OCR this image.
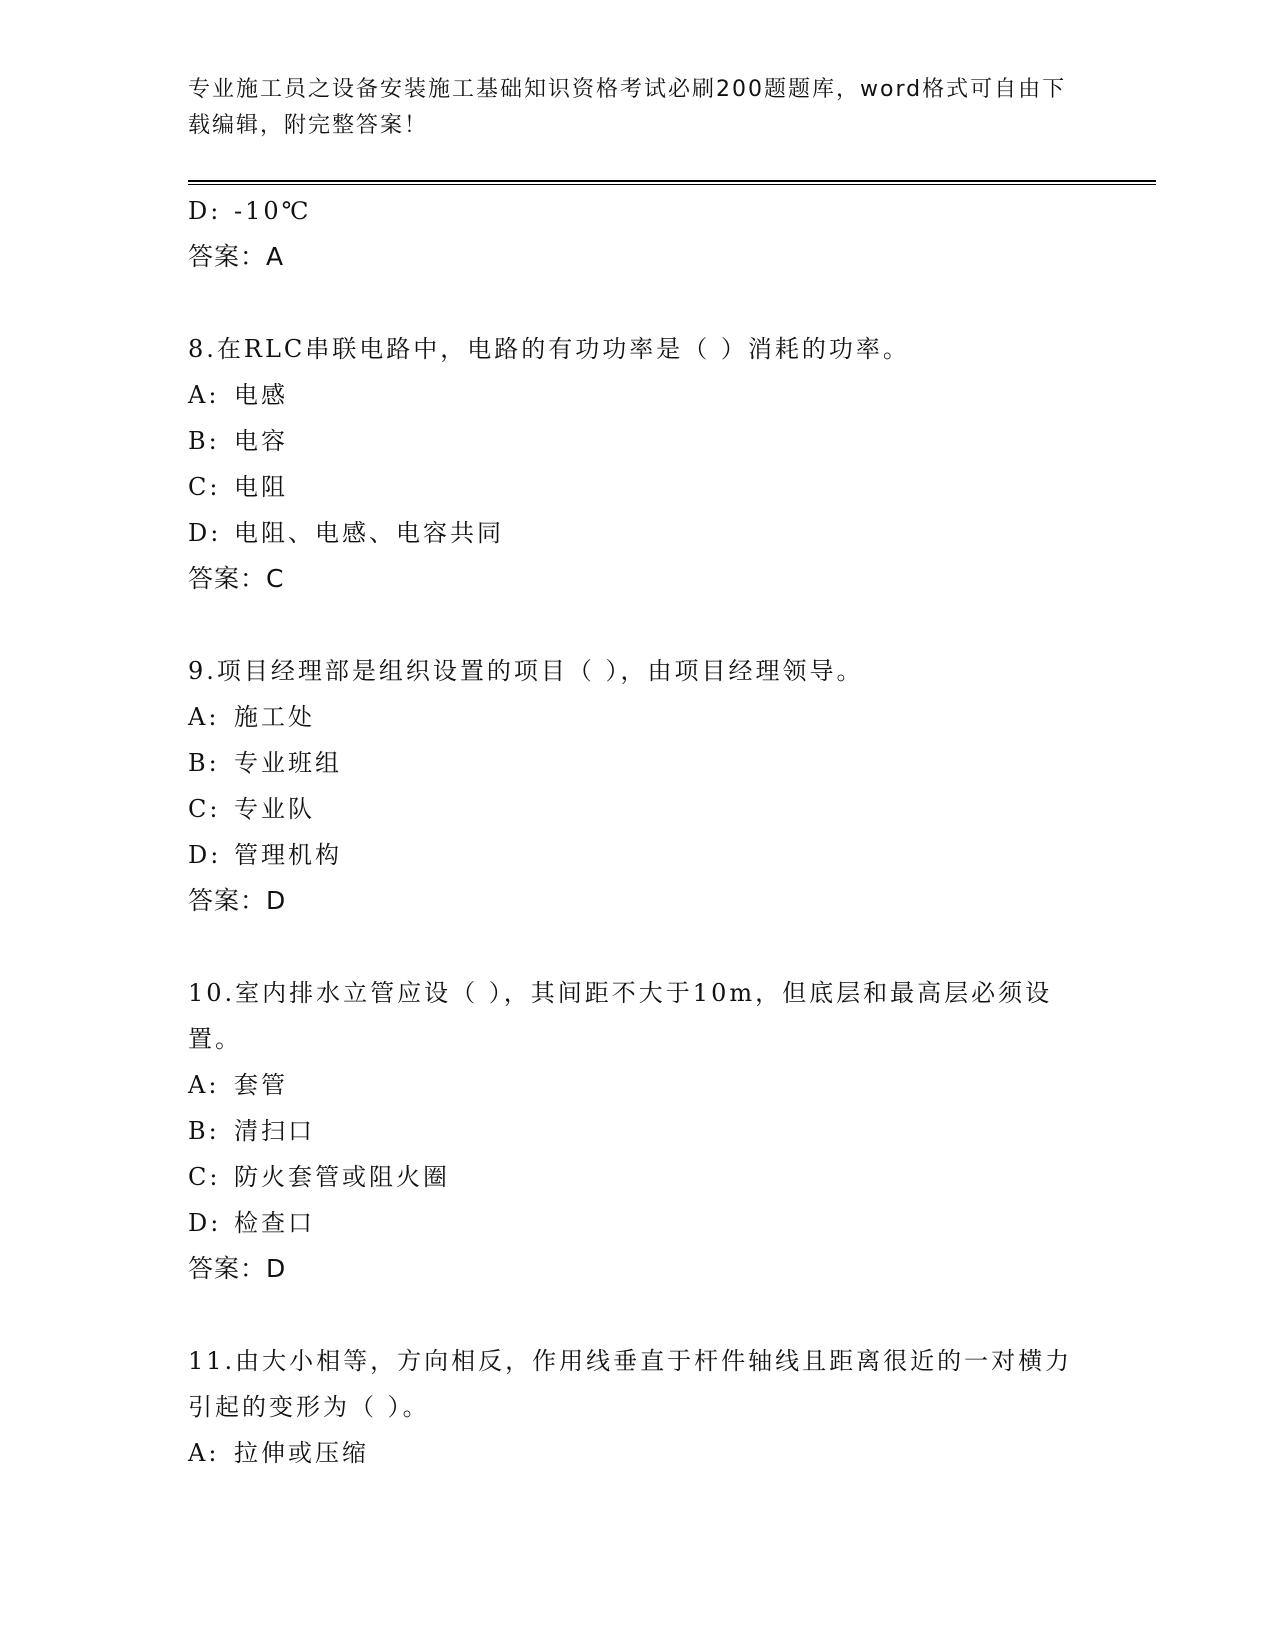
专业施工员之设备安装施工基础知识资格考试必刷200题题库，word格式可自由下载编辑，附完整答案！
D: -10℃
答案：A
8.在RLC串联电路中，电路的有功功率是（ ）消耗的功率。
A: 电感
B: 电容
C: 电阻
D: 电阻、电感、电容共同
答案：C
9.项目经理部是组织设置的项目（ ），由项目经理领导。
A: 施工处
B: 专业班组
C: 专业队
D: 管理机构
答案：D
10.室内排水立管应设（ ），其间距不大于10m，但底层和最高层必须设置。
A: 套管
B: 清扫口
C: 防火套管或阻火圈
D: 检查口
答案：D
11.由大小相等，方向相反，作用线垂直于杆件轴线且距离很近的一对横力引起的变形为（ ）。
A: 拉伸或压缩
